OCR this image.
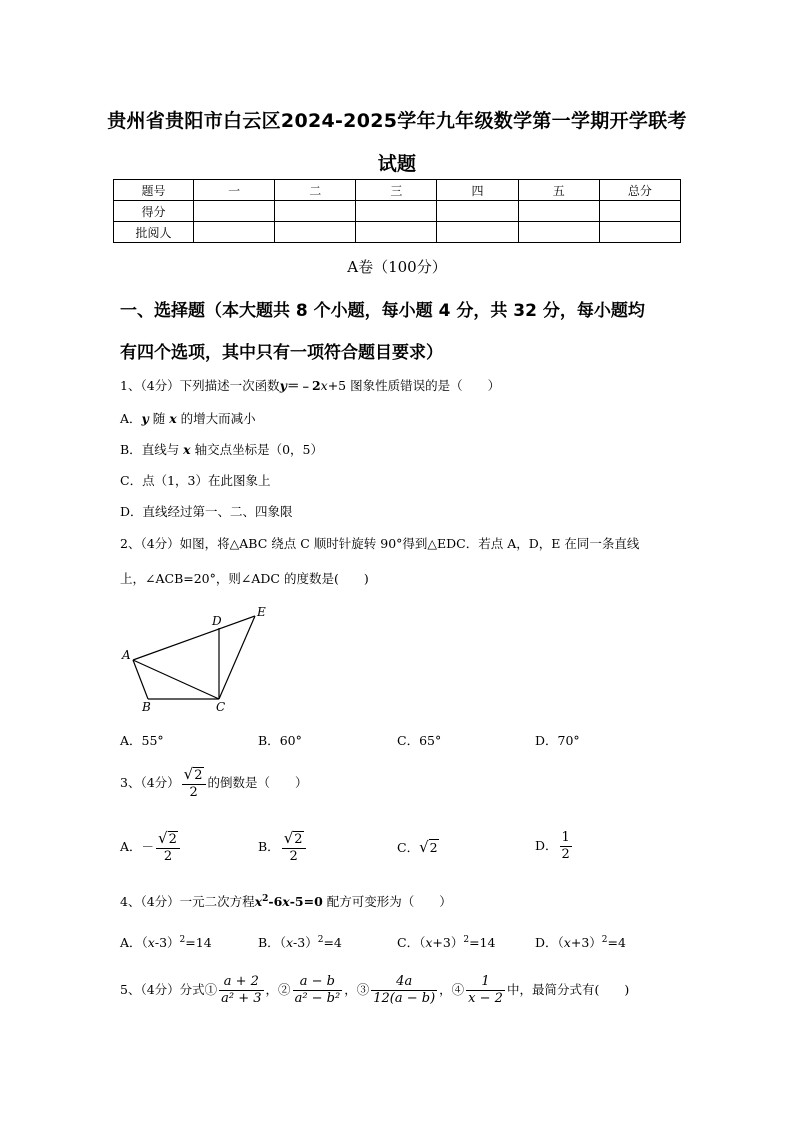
贵州省贵阳市白云区2024-2025学年九年级数学第一学期开学联考
试题
题号	一	二	三	四	五	总分
得分						
批阅人						
A卷（100分）
一、选择题（本大题共 8 个小题，每小题 4 分，共 32 分，每小题均
有四个选项，其中只有一项符合题目要求）
1、（4分）下列描述一次函数y＝﹣2x+5 图象性质错误的是（　　）
A．y 随 x 的增大而减小
B．直线与 x 轴交点坐标是（0，5）
C．点（1，3）在此图象上
D．直线经过第一、二、四象限
2、（4分）如图，将△ABC 绕点 C 顺时针旋转 90°得到△EDC．若点 A，D，E 在同一条直线
上，∠ACB=20°，则∠ADC 的度数是(　　)
A
B	C
D
E
A．55°	B．60°	C．65°	D．70°
3、（4分） $\frac{√2}{2}$ 的倒数是（　　）
A．－ $\frac{√2}{2}$	B． $\frac{√2}{2}$	C．√2	D． $\frac{1}{2}$
4、（4分）一元二次方程$x^2-6x-5=0$ 配方可变形为（　　）
A．$(x-3)^2=14$	B．$(x-3)^2=4$	C．$(x+3)^2=14$	D．$(x+3)^2=4$
5、（4分）分式① $\frac{a + 2}{\text{a² + 3}}$ ，② $\frac{a - b}{\text{a² − b²}}$ ，③ $\frac{4a}{12(a - b)}$ ，④ $\frac{1}{x - 2}$ 中，最简分式有(　　)
